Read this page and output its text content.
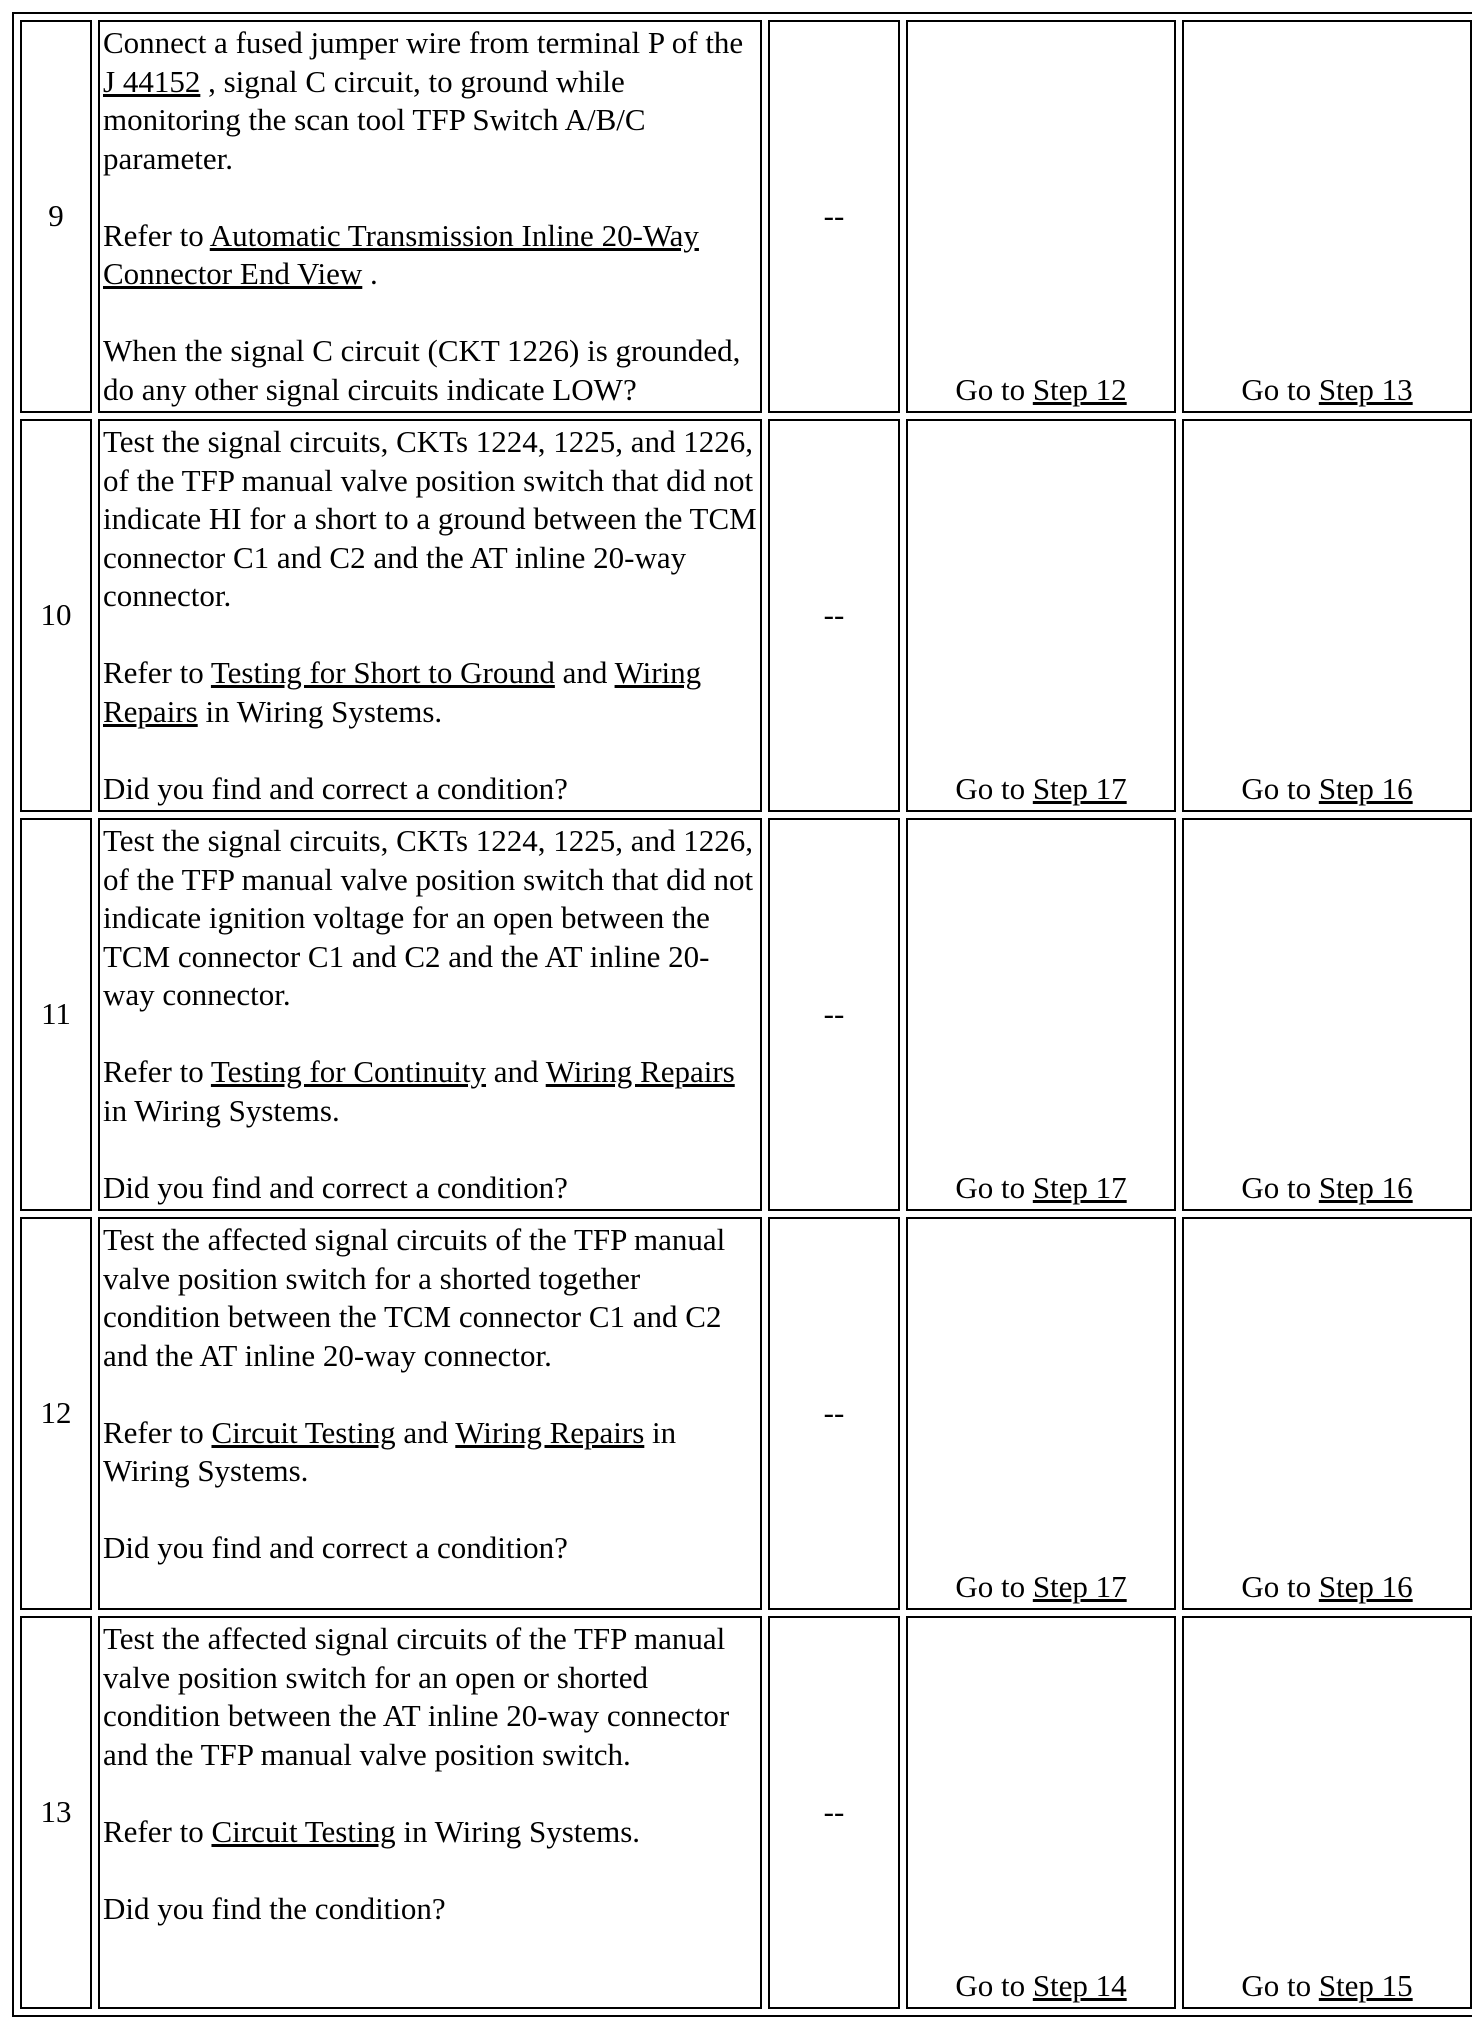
9	Connect a fused jumper wire from terminal P of the J 44152 , signal C circuit, to ground while monitoring the scan tool TFP Switch A/B/C parameter.

Refer to Automatic Transmission Inline 20-Way Connector End View .

When the signal C circuit (CKT 1226) is grounded, do any other signal circuits indicate LOW?	--	Go to Step 12	Go to Step 13
10	Test the signal circuits, CKTs 1224, 1225, and 1226, of the TFP manual valve position switch that did not indicate HI for a short to a ground between the TCM connector C1 and C2 and the AT inline 20-way connector.

Refer to Testing for Short to Ground and Wiring Repairs in Wiring Systems.

Did you find and correct a condition?	--	Go to Step 17	Go to Step 16
11	Test the signal circuits, CKTs 1224, 1225, and 1226, of the TFP manual valve position switch that did not indicate ignition voltage for an open between the TCM connector C1 and C2 and the AT inline 20-way connector.

Refer to Testing for Continuity and Wiring Repairs in Wiring Systems.

Did you find and correct a condition?	--	Go to Step 17	Go to Step 16
12	Test the affected signal circuits of the TFP manual valve position switch for a shorted together condition between the TCM connector C1 and C2 and the AT inline 20-way connector.

Refer to Circuit Testing and Wiring Repairs in Wiring Systems.

Did you find and correct a condition?	--	Go to Step 17	Go to Step 16
13	Test the affected signal circuits of the TFP manual valve position switch for an open or shorted condition between the AT inline 20-way connector and the TFP manual valve position switch.

Refer to Circuit Testing in Wiring Systems.

Did you find the condition?	--	Go to Step 14	Go to Step 15
